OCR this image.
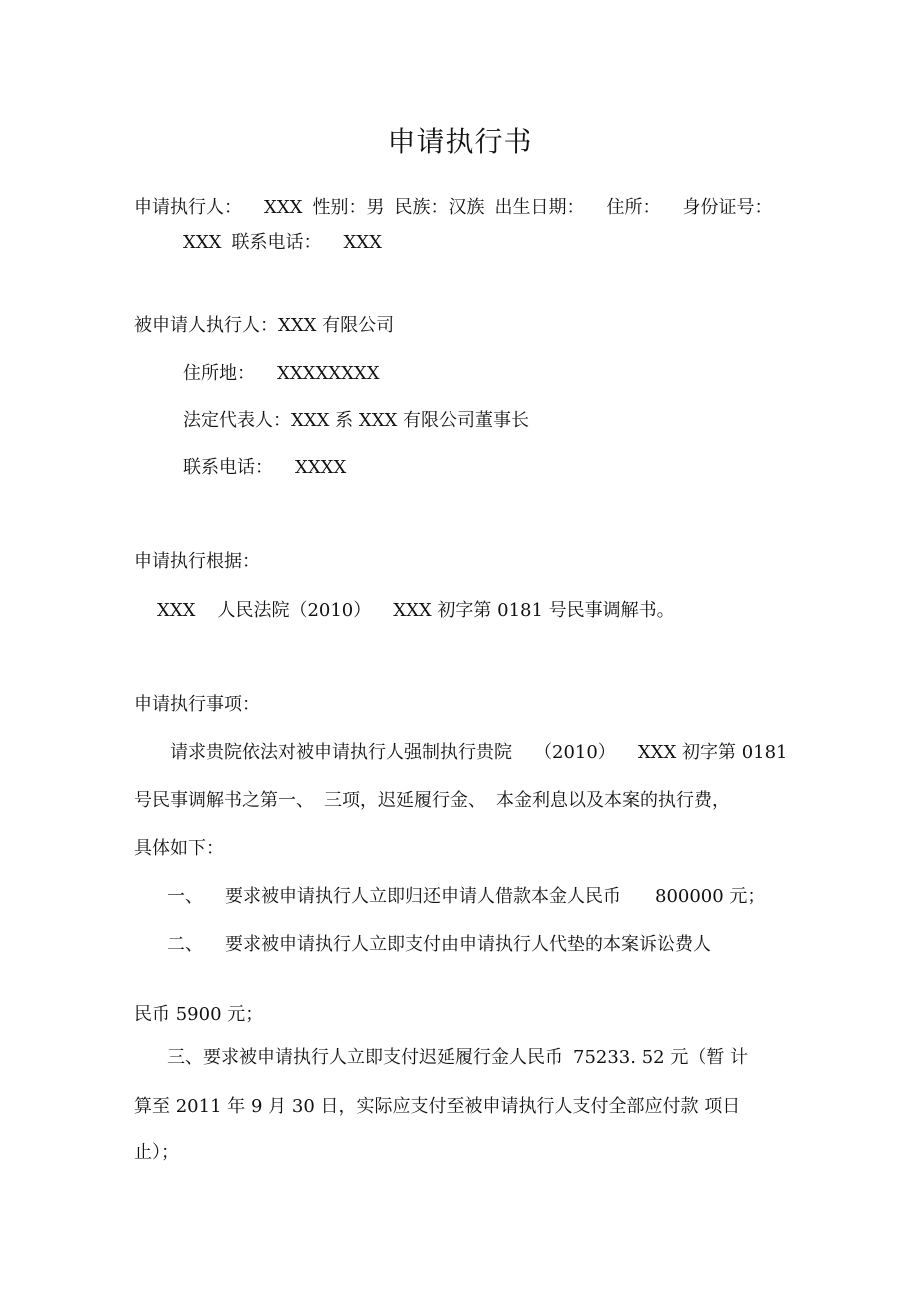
申请执行书
申请执行人： XXX 性别：男 民族：汉族 出生日期： 住所： 身份证号：
XXX 联系电话： XXX
被申请人执行人：XXX 有限公司
住所地： XXXXXXXX
法定代表人：XXX 系 XXX 有限公司董事长
联系电话： XXXX
申请执行根据：
XXX 人民法院（2010） XXX 初字第 0181 号民事调解书。
申请执行事项：
请求贵院依法对被申请执行人强制执行贵院 （2010） XXX 初字第 0181
号民事调解书之第一、 三项，迟延履行金、 本金利息以及本案的执行费，
具体如下：
一、 要求被申请执行人立即归还申请人借款本金人民币 800000 元；
二、 要求被申请执行人立即支付由申请执行人代垫的本案诉讼费人
民币 5900 元；
三、要求被申请执行人立即支付迟延履行金人民币 75233. 52 元（暂 计
算至 2011 年 9 月 30 日，实际应支付至被申请执行人支付全部应付款 项日
止）；
